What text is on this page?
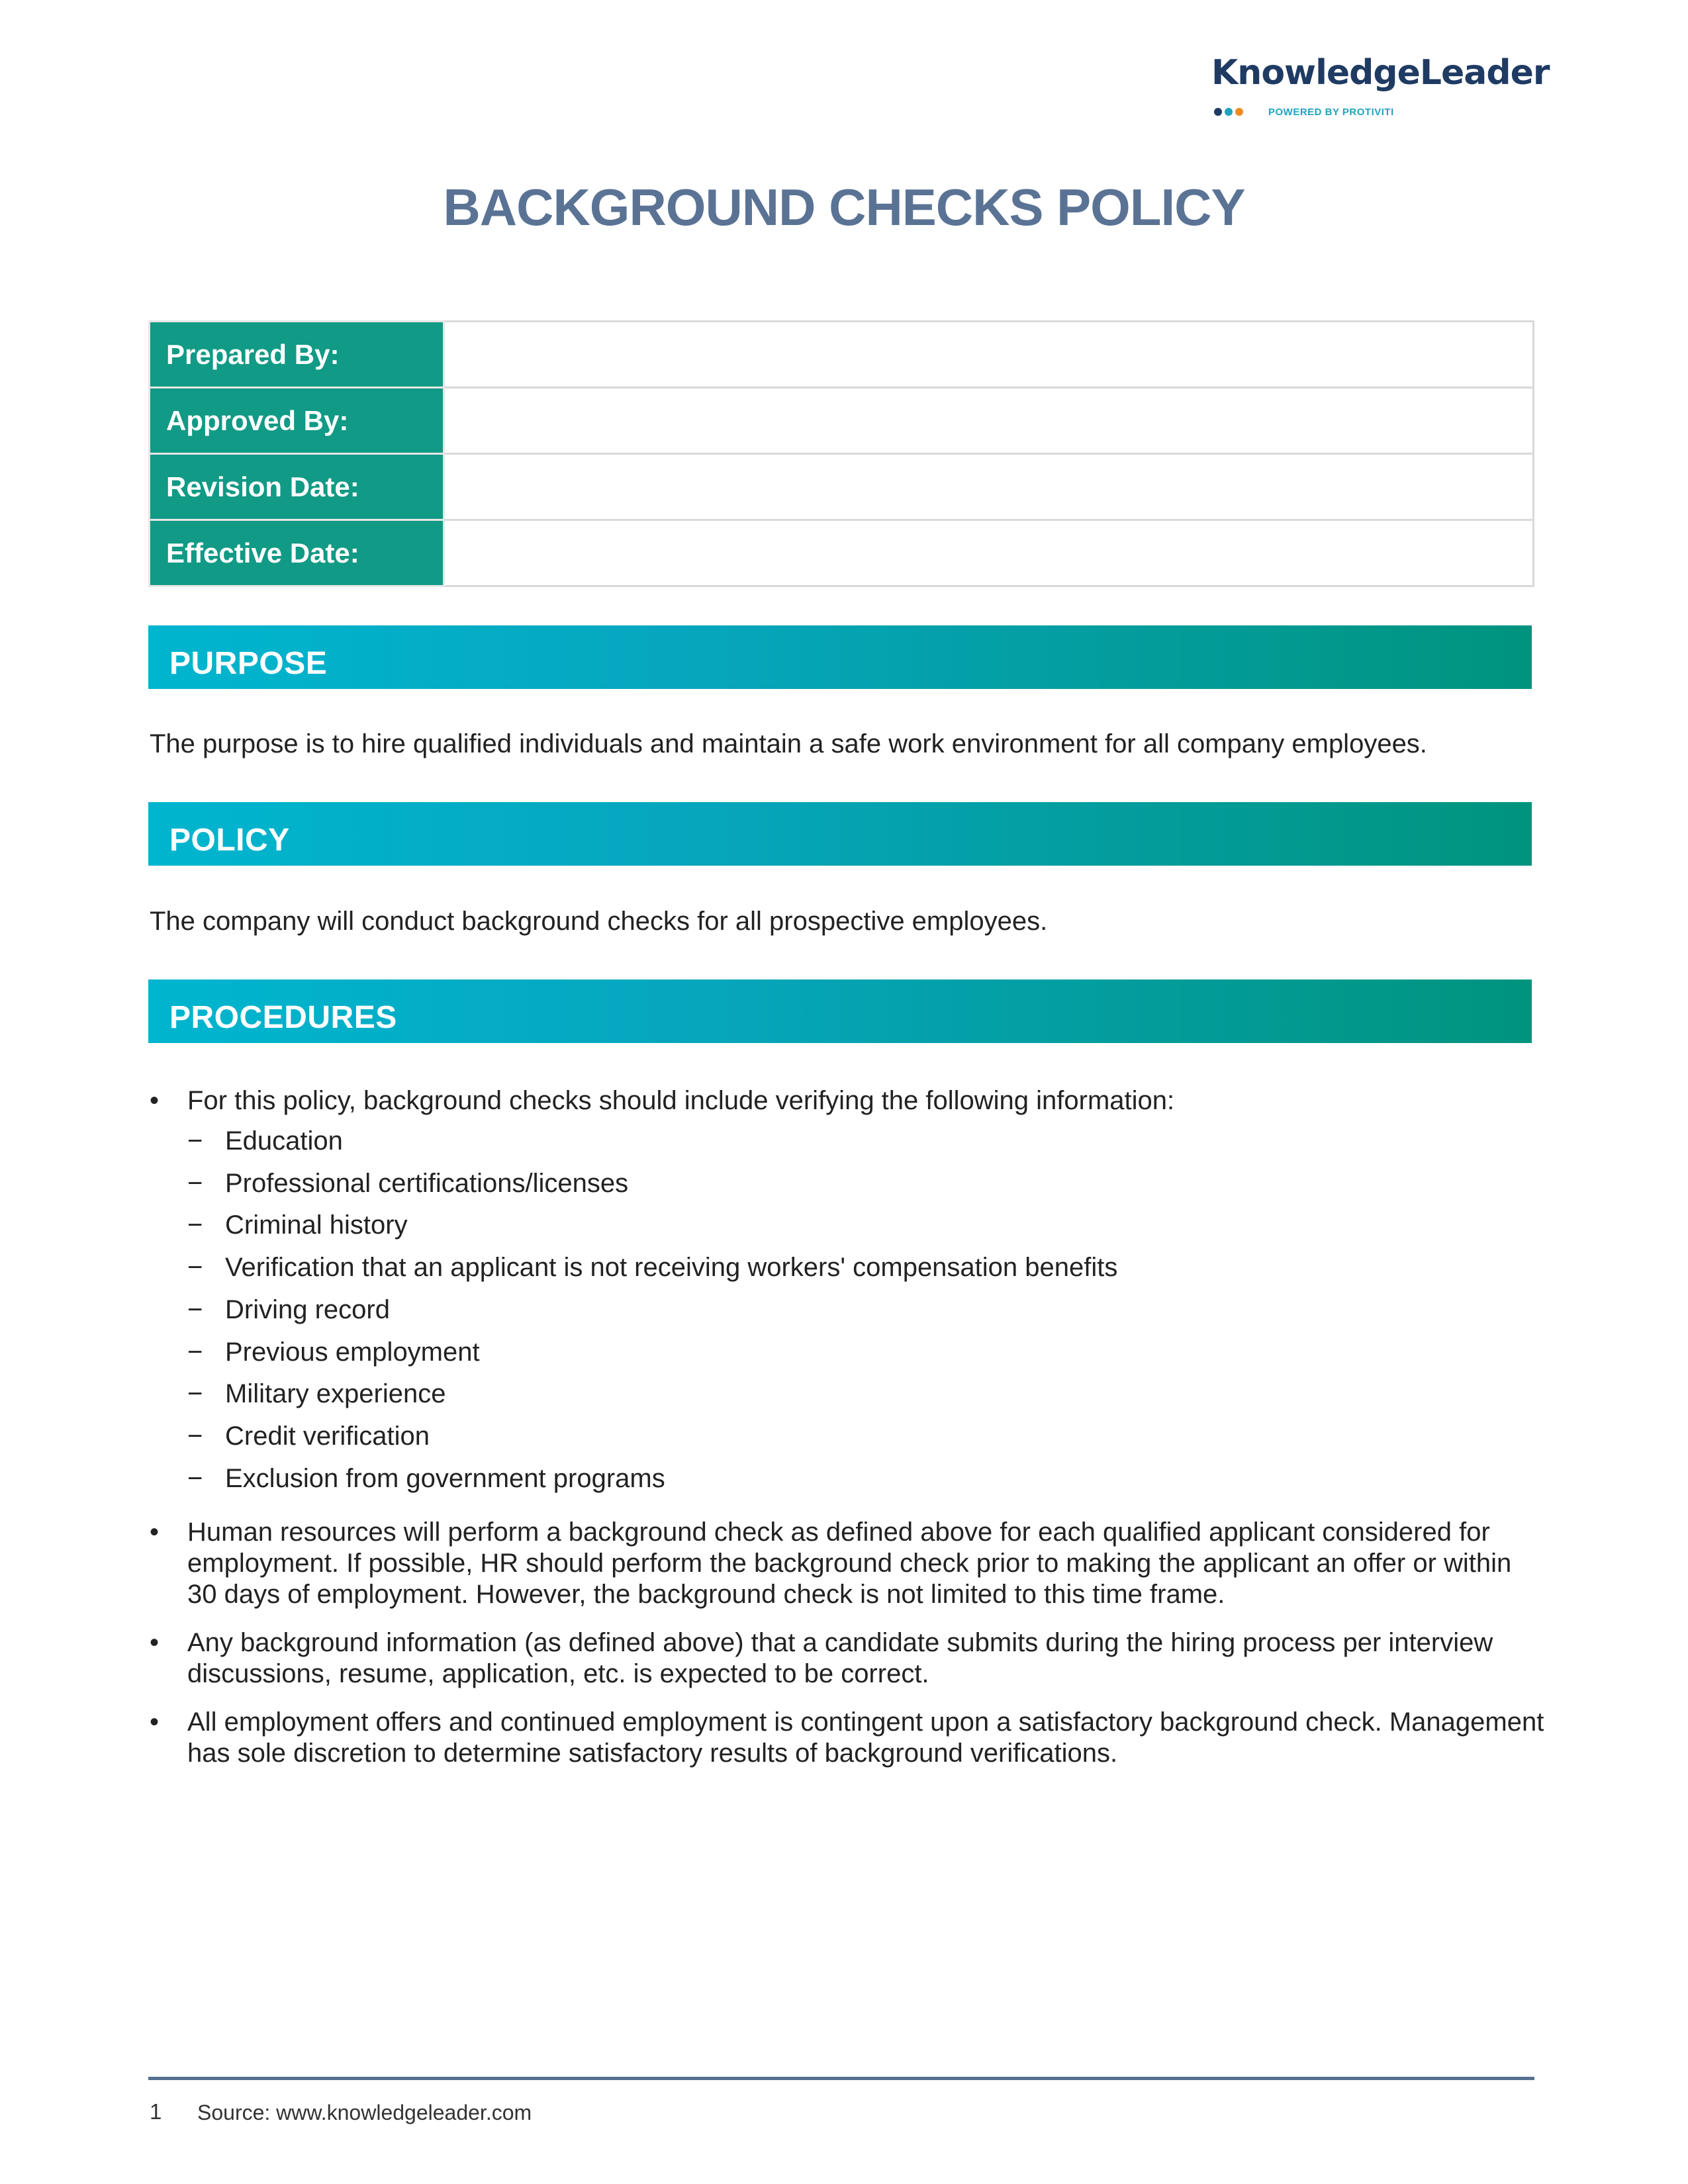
KnowledgeLeader
POWERED BY PROTIVITI
BACKGROUND CHECKS POLICY
Prepared By:	
Approved By:	
Revision Date:	
Effective Date:	
PURPOSE
The purpose is to hire qualified individuals and maintain a safe work environment for all company employees.
POLICY
The company will conduct background checks for all prospective employees.
PROCEDURES
• For this policy, background checks should include verifying the following information:
− Education
− Professional certifications/licenses
− Criminal history
− Verification that an applicant is not receiving workers' compensation benefits
− Driving record
− Previous employment
− Military experience
− Credit verification
− Exclusion from government programs
• Human resources will perform a background check as defined above for each qualified applicant considered for employment. If possible, HR should perform the background check prior to making the applicant an offer or within 30 days of employment. However, the background check is not limited to this time frame.
• Any background information (as defined above) that a candidate submits during the hiring process per interview discussions, resume, application, etc. is expected to be correct.
• All employment offers and continued employment is contingent upon a satisfactory background check. Management has sole discretion to determine satisfactory results of background verifications.
1 Source: www.knowledgeleader.com
